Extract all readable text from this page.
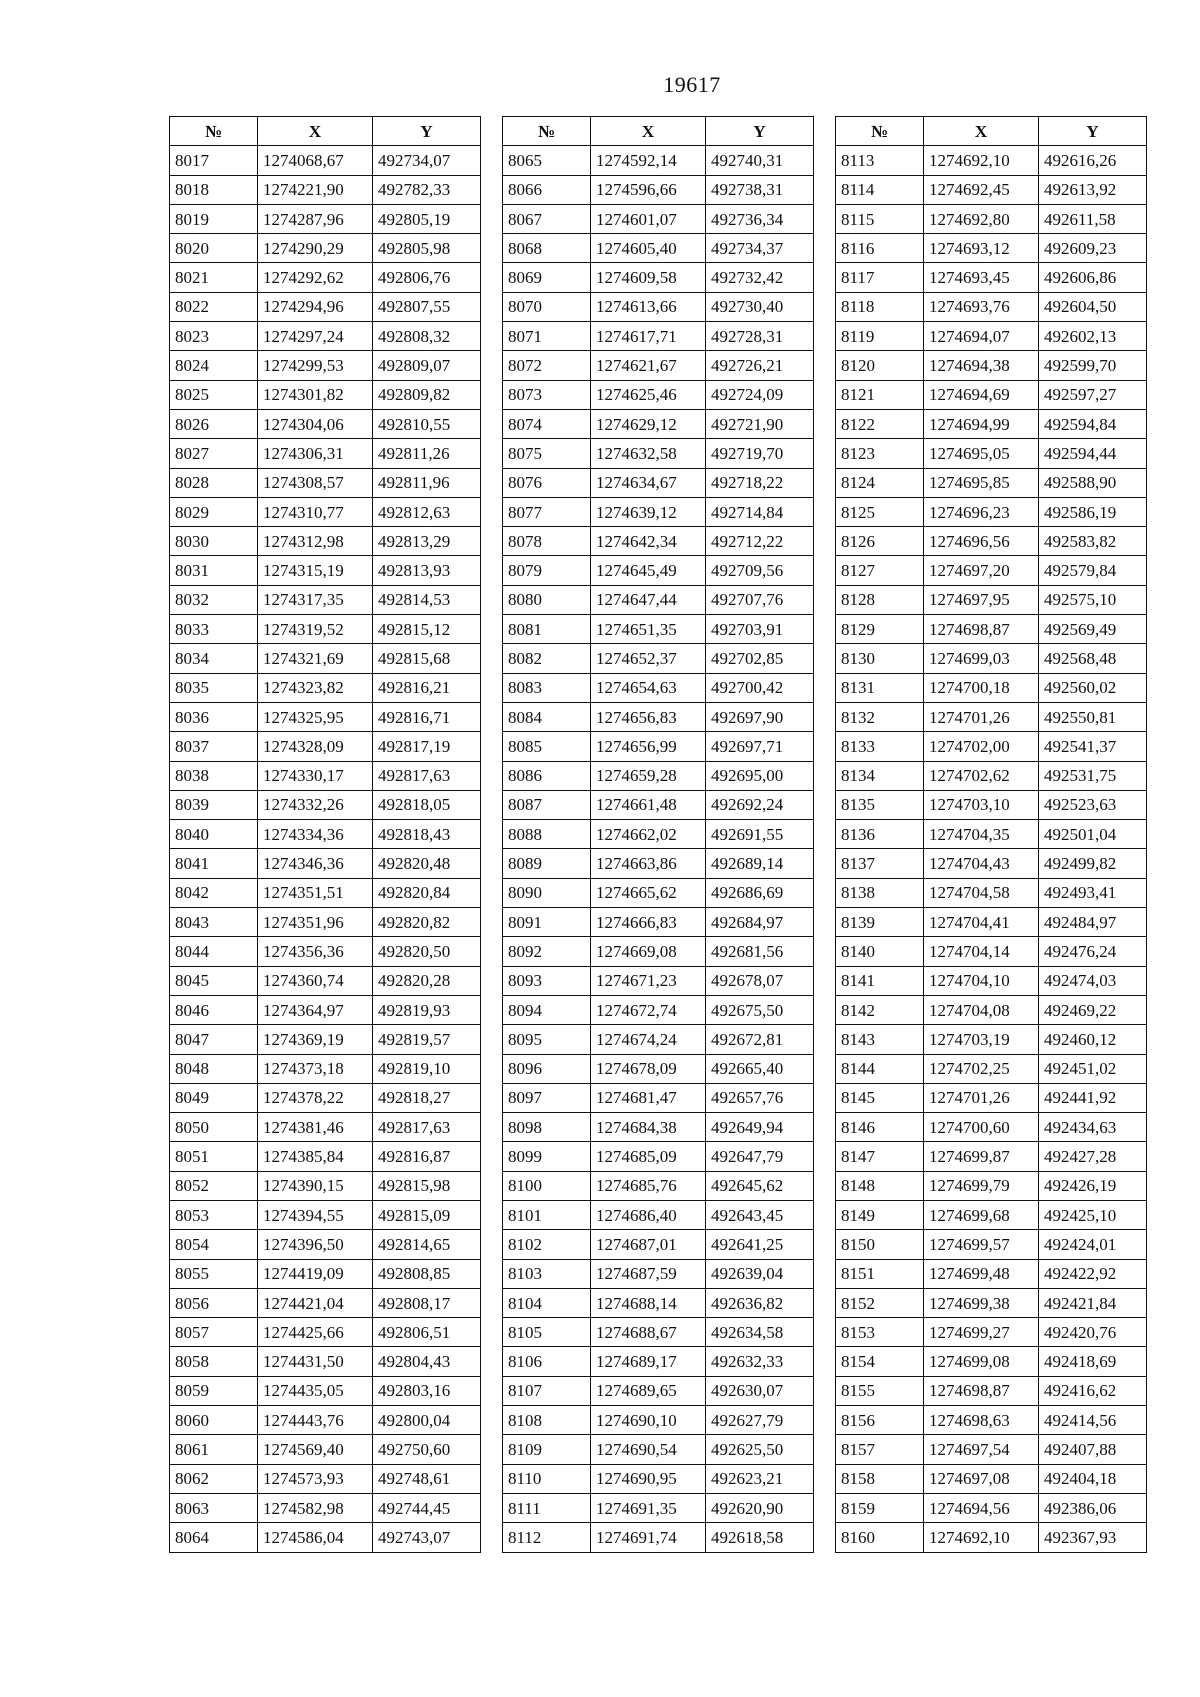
19617
№	X	Y
8017	1274068,67	492734,07
8018	1274221,90	492782,33
8019	1274287,96	492805,19
8020	1274290,29	492805,98
8021	1274292,62	492806,76
8022	1274294,96	492807,55
8023	1274297,24	492808,32
8024	1274299,53	492809,07
8025	1274301,82	492809,82
8026	1274304,06	492810,55
8027	1274306,31	492811,26
8028	1274308,57	492811,96
8029	1274310,77	492812,63
8030	1274312,98	492813,29
8031	1274315,19	492813,93
8032	1274317,35	492814,53
8033	1274319,52	492815,12
8034	1274321,69	492815,68
8035	1274323,82	492816,21
8036	1274325,95	492816,71
8037	1274328,09	492817,19
8038	1274330,17	492817,63
8039	1274332,26	492818,05
8040	1274334,36	492818,43
8041	1274346,36	492820,48
8042	1274351,51	492820,84
8043	1274351,96	492820,82
8044	1274356,36	492820,50
8045	1274360,74	492820,28
8046	1274364,97	492819,93
8047	1274369,19	492819,57
8048	1274373,18	492819,10
8049	1274378,22	492818,27
8050	1274381,46	492817,63
8051	1274385,84	492816,87
8052	1274390,15	492815,98
8053	1274394,55	492815,09
8054	1274396,50	492814,65
8055	1274419,09	492808,85
8056	1274421,04	492808,17
8057	1274425,66	492806,51
8058	1274431,50	492804,43
8059	1274435,05	492803,16
8060	1274443,76	492800,04
8061	1274569,40	492750,60
8062	1274573,93	492748,61
8063	1274582,98	492744,45
8064	1274586,04	492743,07
№	X	Y
8065	1274592,14	492740,31
8066	1274596,66	492738,31
8067	1274601,07	492736,34
8068	1274605,40	492734,37
8069	1274609,58	492732,42
8070	1274613,66	492730,40
8071	1274617,71	492728,31
8072	1274621,67	492726,21
8073	1274625,46	492724,09
8074	1274629,12	492721,90
8075	1274632,58	492719,70
8076	1274634,67	492718,22
8077	1274639,12	492714,84
8078	1274642,34	492712,22
8079	1274645,49	492709,56
8080	1274647,44	492707,76
8081	1274651,35	492703,91
8082	1274652,37	492702,85
8083	1274654,63	492700,42
8084	1274656,83	492697,90
8085	1274656,99	492697,71
8086	1274659,28	492695,00
8087	1274661,48	492692,24
8088	1274662,02	492691,55
8089	1274663,86	492689,14
8090	1274665,62	492686,69
8091	1274666,83	492684,97
8092	1274669,08	492681,56
8093	1274671,23	492678,07
8094	1274672,74	492675,50
8095	1274674,24	492672,81
8096	1274678,09	492665,40
8097	1274681,47	492657,76
8098	1274684,38	492649,94
8099	1274685,09	492647,79
8100	1274685,76	492645,62
8101	1274686,40	492643,45
8102	1274687,01	492641,25
8103	1274687,59	492639,04
8104	1274688,14	492636,82
8105	1274688,67	492634,58
8106	1274689,17	492632,33
8107	1274689,65	492630,07
8108	1274690,10	492627,79
8109	1274690,54	492625,50
8110	1274690,95	492623,21
8111	1274691,35	492620,90
8112	1274691,74	492618,58
№	X	Y
8113	1274692,10	492616,26
8114	1274692,45	492613,92
8115	1274692,80	492611,58
8116	1274693,12	492609,23
8117	1274693,45	492606,86
8118	1274693,76	492604,50
8119	1274694,07	492602,13
8120	1274694,38	492599,70
8121	1274694,69	492597,27
8122	1274694,99	492594,84
8123	1274695,05	492594,44
8124	1274695,85	492588,90
8125	1274696,23	492586,19
8126	1274696,56	492583,82
8127	1274697,20	492579,84
8128	1274697,95	492575,10
8129	1274698,87	492569,49
8130	1274699,03	492568,48
8131	1274700,18	492560,02
8132	1274701,26	492550,81
8133	1274702,00	492541,37
8134	1274702,62	492531,75
8135	1274703,10	492523,63
8136	1274704,35	492501,04
8137	1274704,43	492499,82
8138	1274704,58	492493,41
8139	1274704,41	492484,97
8140	1274704,14	492476,24
8141	1274704,10	492474,03
8142	1274704,08	492469,22
8143	1274703,19	492460,12
8144	1274702,25	492451,02
8145	1274701,26	492441,92
8146	1274700,60	492434,63
8147	1274699,87	492427,28
8148	1274699,79	492426,19
8149	1274699,68	492425,10
8150	1274699,57	492424,01
8151	1274699,48	492422,92
8152	1274699,38	492421,84
8153	1274699,27	492420,76
8154	1274699,08	492418,69
8155	1274698,87	492416,62
8156	1274698,63	492414,56
8157	1274697,54	492407,88
8158	1274697,08	492404,18
8159	1274694,56	492386,06
8160	1274692,10	492367,93
